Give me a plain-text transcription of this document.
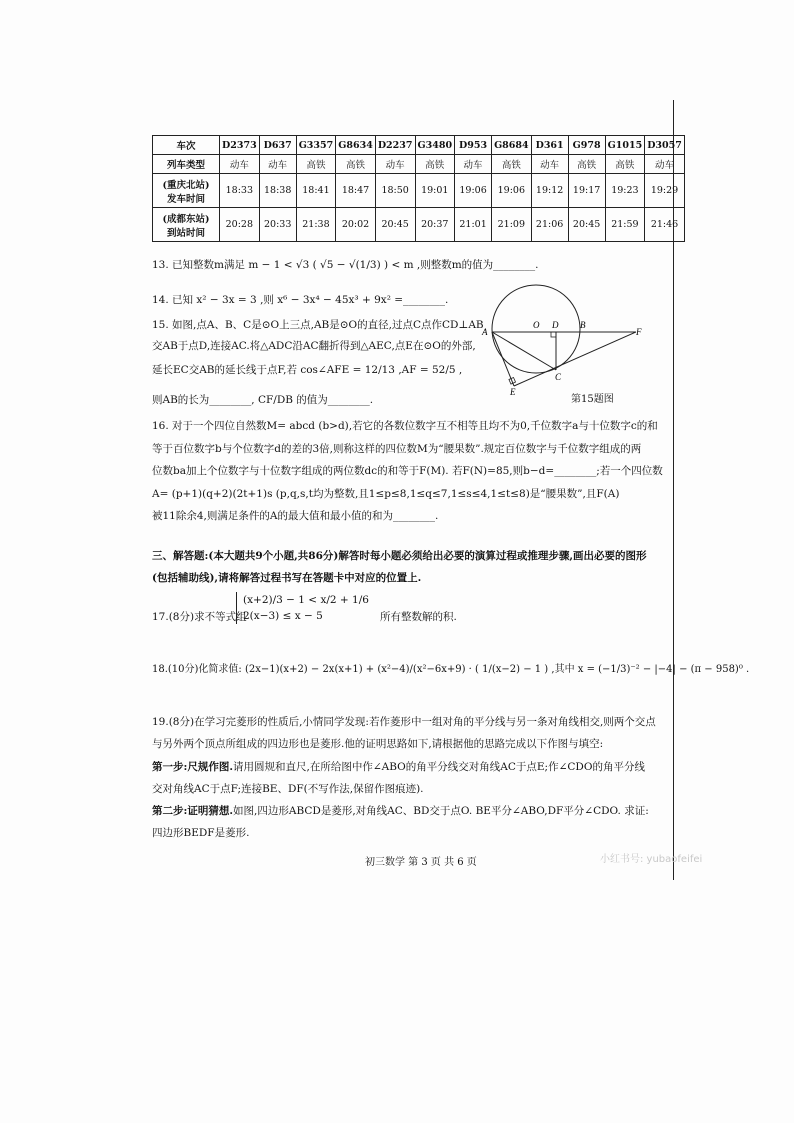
车次	D2373	D637	G3357	G8634	D2237	G3480	D953	G8684	D361	G978	G1015	D3057
列车类型	动车	动车	高铁	高铁	动车	高铁	动车	高铁	动车	高铁	高铁	动车
(重庆北站)
发车时间	18:33	18:38	18:41	18:47	18:50	19:01	19:06	19:06	19:12	19:17	19:23	19:29
(成都东站)
到站时间	20:28	20:33	21:38	20:02	20:45	20:37	21:01	21:09	21:06	20:45	21:59	21:46
13. 已知整数m满足 m − 1 < √3 ( √5 − √(1/3) ) < m ,则整数m的值为________.
14. 已知 x² − 3x = 3 ,则 x⁶ − 3x⁴ − 45x³ + 9x² =________.
15. 如图,点A、B、C是⊙O上三点,AB是⊙O的直径,过点C点作CD⊥AB
交AB于点D,连接AC.将△ADC沿AC翻折得到△AEC,点E在⊙O的外部,
延长EC交AB的延长线于点F,若 cos∠AFE = 12/13 ,AF = 52/5 ,
则AB的长为________, CF/DB 的值为________.
A
O D B
F
C
E
第15题图
16. 对于一个四位自然数M= abcd (b>d),若它的各数位数字互不相等且均不为0,千位数字a与十位数字c的和
等于百位数字b与个位数字d的差的3倍,则称这样的四位数M为“腰果数”.规定百位数字与千位数字组成的两
位数ba加上个位数字与十位数字组成的两位数dc的和等于F(M). 若F(N)=85,则b−d=________;若一个四位数
A= (p+1)(q+2)(2t+1)s (p,q,s,t均为整数,且1≤p≤8,1≤q≤7,1≤s≤4,1≤t≤8)是“腰果数”,且F(A)
被11除余4,则满足条件的A的最大值和最小值的和为________.
三、解答题:(本大题共9个小题,共86分)解答时每小题必须给出必要的演算过程或推理步骤,画出必要的图形
(包括辅助线),请将解答过程书写在答题卡中对应的位置上.
17.(8分)求不等式组
(x+2)/3 − 1 < x/2 + 1/6
2(x−3) ≤ x − 5	所有整数解的积.
18.(10分)化简求值: (2x−1)(x+2) − 2x(x+1) + (x²−4)/(x²−6x+9) · ( 1/(x−2) − 1 ) ,其中 x = (−1/3)⁻² − |−4| − (π − 958)⁰ .
19.(8分)在学习完菱形的性质后,小情同学发现:若作菱形中一组对角的平分线与另一条对角线相交,则两个交点
与另外两个顶点所组成的四边形也是菱形.他的证明思路如下,请根据他的思路完成以下作图与填空:
第一步:尺规作图.请用圆规和直尺,在所给图中作∠ABO的角平分线交对角线AC于点E;作∠CDO的角平分线
交对角线AC于点F;连接BE、DF(不写作法,保留作图痕迹).
第二步:证明猜想.如图,四边形ABCD是菱形,对角线AC、BD交于点O. BE平分∠ABO,DF平分∠CDO. 求证:
四边形BEDF是菱形.
初三数学 第 3 页 共 6 页	小红书号: yubaofeifei
